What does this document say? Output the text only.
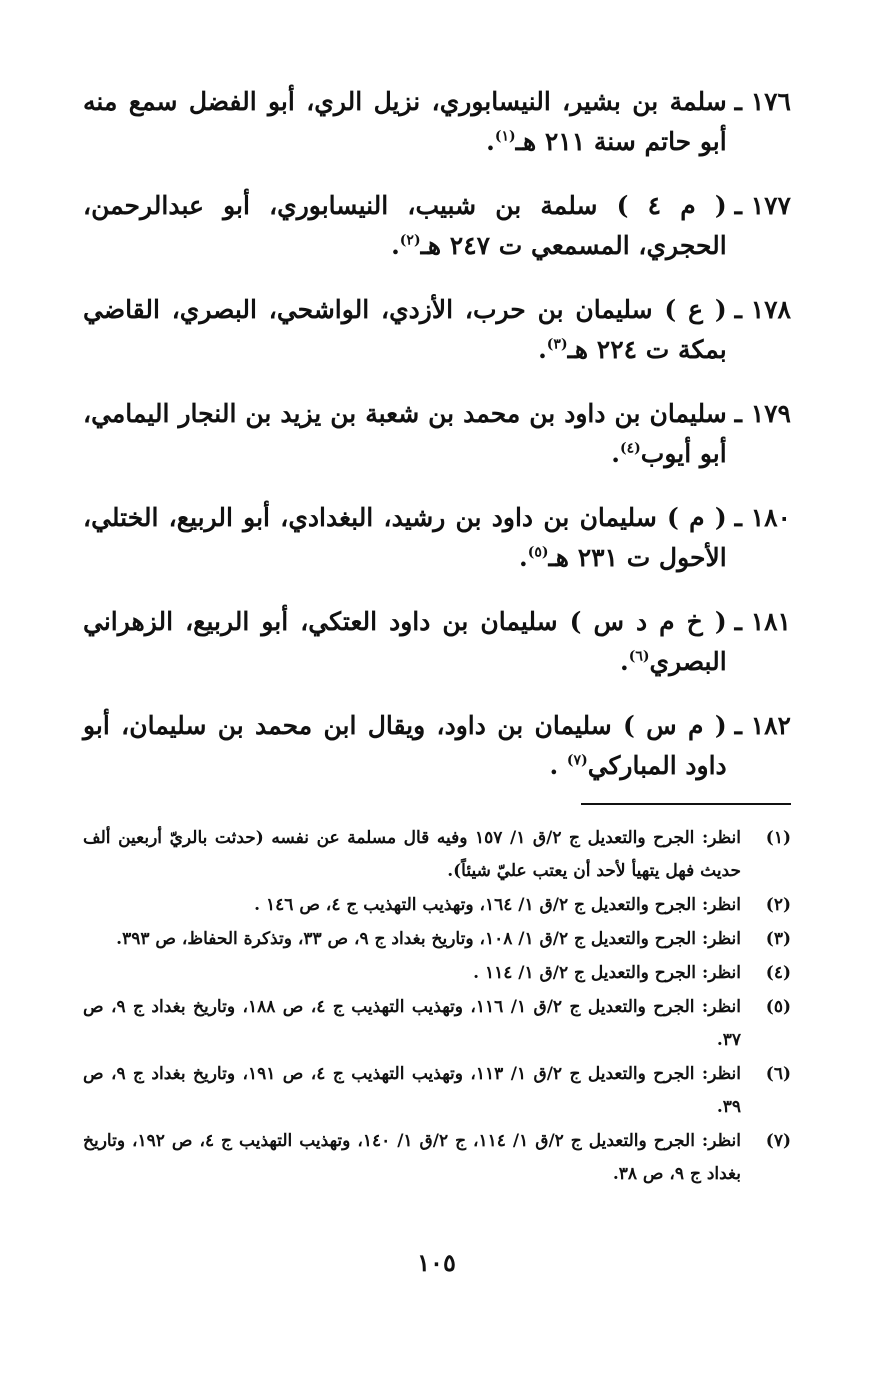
١٧٦ ـ
سلمة بن بشير، النيسابوري، نزيل الري، أبو الفضل سمع منه أبو حاتم سنة ٢١١ هـ$^{(١)}$.
١٧٧ ـ
( م ٤ ) سلمة بن شبيب، النيسابوري، أبو عبدالرحمن، الحجري، المسمعي ت ٢٤٧ هـ$^{(٢)}$.
١٧٨ ـ
( ع ) سليمان بن حرب، الأزدي، الواشحي، البصري، القاضي بمكة ت ٢٢٤ هـ$^{(٣)}$.
١٧٩ ـ
سليمان بن داود بن محمد بن شعبة بن يزيد بن النجار اليمامي، أبو أيوب$^{(٤)}$.
١٨٠ ـ
( م ) سليمان بن داود بن رشيد، البغدادي، أبو الربيع، الختلي، الأحول ت ٢٣١ هـ$^{(٥)}$.
١٨١ ـ
( خ م د س ) سليمان بن داود العتكي، أبو الربيع، الزهراني البصري$^{(٦)}$.
١٨٢ ـ
( م س ) سليمان بن داود، ويقال ابن محمد بن سليمان، أبو داود المباركي$^{(٧)}$ .
(١)
انظر: الجرح والتعديل ج ٢/ق ١/ ١٥٧ وفيه قال مسلمة عن نفسه (حدثت بالريّ أربعين ألف حديث فهل يتهيأ لأحد أن يعتب عليّ شيئاً).
(٢)
انظر: الجرح والتعديل ج ٢/ق ١/ ١٦٤، وتهذيب التهذيب ج ٤، ص ١٤٦ .
(٣)
انظر: الجرح والتعديل ج ٢/ق ١/ ١٠٨، وتاريخ بغداد ج ٩، ص ٣٣، وتذكرة الحفاظ، ص ٣٩٣.
(٤)
انظر: الجرح والتعديل ج ٢/ق ١/ ١١٤ .
(٥)
انظر: الجرح والتعديل ج ٢/ق ١/ ١١٦، وتهذيب التهذيب ج ٤، ص ١٨٨، وتاريخ بغداد ج ٩، ص ٣٧.
(٦)
انظر: الجرح والتعديل ج ٢/ق ١/ ١١٣، وتهذيب التهذيب ج ٤، ص ١٩١، وتاريخ بغداد ج ٩، ص ٣٩.
(٧)
انظر: الجرح والتعديل ج ٢/ق ١/ ١١٤، ج ٢/ق ١/ ١٤٠، وتهذيب التهذيب ج ٤، ص ١٩٢، وتاريخ بغداد ج ٩، ص ٣٨.
١٠٥
